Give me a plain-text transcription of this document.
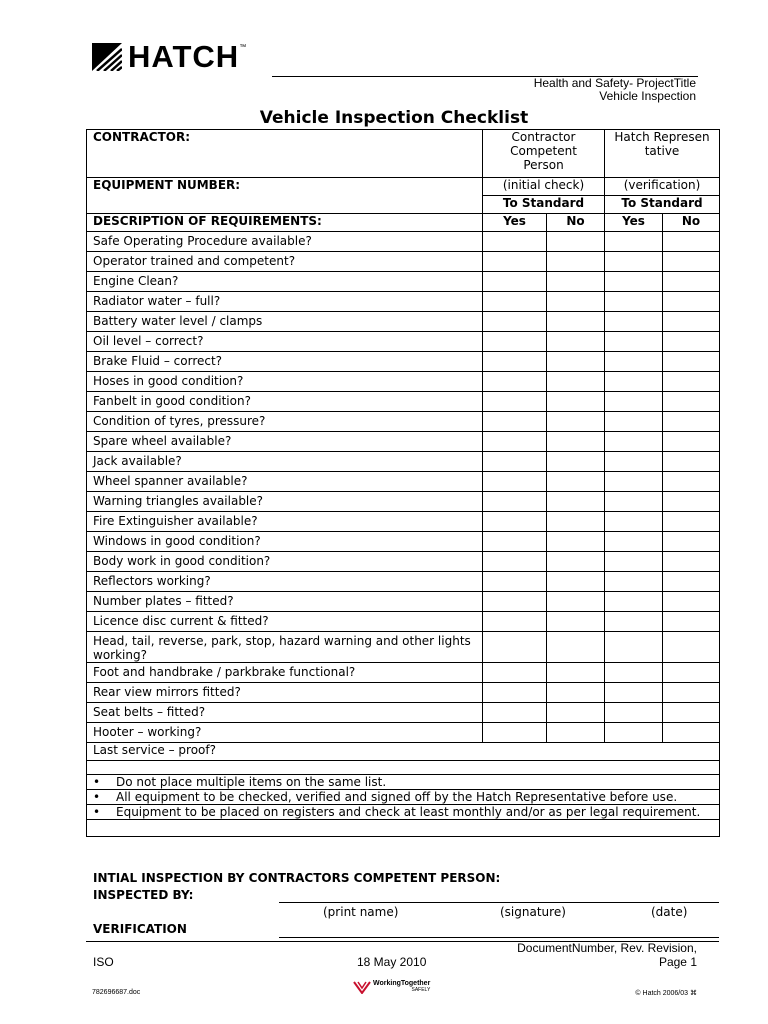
HATCH ™
Health and Safety- ProjectTitle
Vehicle Inspection
Vehicle Inspection Checklist
CONTRACTOR:	Contractor Competent Person		Hatch Representative	
EQUIPMENT NUMBER:	(initial check)		(verification)	
	To Standard		To Standard	
DESCRIPTION OF REQUIREMENTS:	Yes	No	Yes	No
Safe Operating Procedure available?				
Operator trained and competent?				
Engine Clean?				
Radiator water – full?				
Battery water level / clamps				
Oil level – correct?				
Brake Fluid – correct?				
Hoses in good condition?				
Fanbelt in good condition?				
Condition of tyres, pressure?				
Spare wheel available?				
Jack available?				
Wheel spanner available?				
Warning triangles available?				
Fire Extinguisher available?				
Windows in good condition?				
Body work in good condition?				
Reflectors working?				
Number plates – fitted?				
Licence disc current & fitted?				
Head, tail, reverse, park, stop, hazard warning and other lights working?				
Foot and handbrake / parkbrake functional?				
Rear view mirrors fitted?				
Seat belts – fitted?				
Hooter – working?				
Last service – proof?				

• Do not place multiple items on the same list.				

• All equipment to be checked, verified and signed off by the Hatch Representative before use.				

• Equipment to be placed on registers and check at least monthly and/or as per legal requirement.				

INTIAL INSPECTION BY CONTRACTORS COMPETENT PERSON:
INSPECTED BY:
(print name)	(signature)	(date)
VERIFICATION
DocumentNumber, Rev. Revision,
ISO	18 May 2010	Page 1
782696687.doc
WorkingTogether
SAFELY	© Hatch 2006/03 ⌘
